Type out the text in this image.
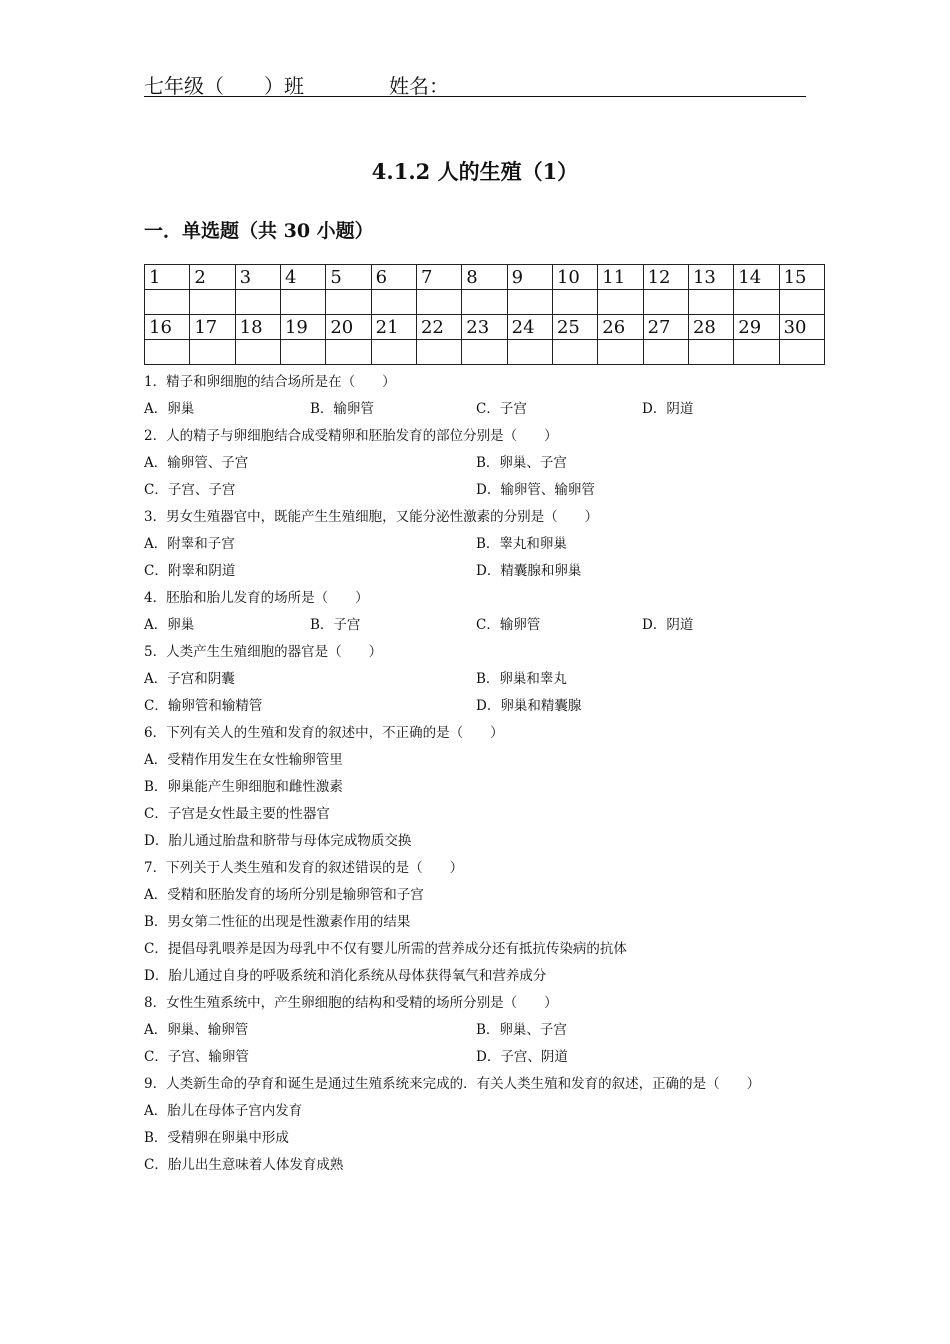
七年级（　　）班	姓名：
4.1.2 人的生殖（1）
一．单选题（共 30 小题）
1	2	3	4	5	6	7	8	9	10	11	12	13	14	15

16	17	18	19	20	21	22	23	24	25	26	27	28	29	30

1．精子和卵细胞的结合场所是在（　　）
A．卵巢	B．输卵管	C．子宫	D．阴道
2．人的精子与卵细胞结合成受精卵和胚胎发育的部位分别是（　　）
A．输卵管、子宫	B．卵巢、子宫
C．子宫、子宫	D．输卵管、输卵管
3．男女生殖器官中，既能产生生殖细胞，又能分泌性激素的分别是（　　）
A．附睾和子宫	B．睾丸和卵巢
C．附睾和阴道	D．精囊腺和卵巢
4．胚胎和胎儿发育的场所是（　　）
A．卵巢	B．子宫	C．输卵管	D．阴道
5．人类产生生殖细胞的器官是（　　）
A．子宫和阴囊	B．卵巢和睾丸
C．输卵管和输精管	D．卵巢和精囊腺
6．下列有关人的生殖和发育的叙述中，不正确的是（　　）
A．受精作用发生在女性输卵管里
B．卵巢能产生卵细胞和雌性激素
C．子宫是女性最主要的性器官
D．胎儿通过胎盘和脐带与母体完成物质交换
7．下列关于人类生殖和发育的叙述错误的是（　　）
A．受精和胚胎发育的场所分别是输卵管和子宫
B．男女第二性征的出现是性激素作用的结果
C．提倡母乳喂养是因为母乳中不仅有婴儿所需的营养成分还有抵抗传染病的抗体
D．胎儿通过自身的呼吸系统和消化系统从母体获得氧气和营养成分
8．女性生殖系统中，产生卵细胞的结构和受精的场所分别是（　　）
A．卵巢、输卵管	B．卵巢、子宫
C．子宫、输卵管	D．子宫、阴道
9．人类新生命的孕育和诞生是通过生殖系统来完成的．有关人类生殖和发育的叙述，正确的是（　　）
A．胎儿在母体子宫内发育
B．受精卵在卵巢中形成
C．胎儿出生意味着人体发育成熟
